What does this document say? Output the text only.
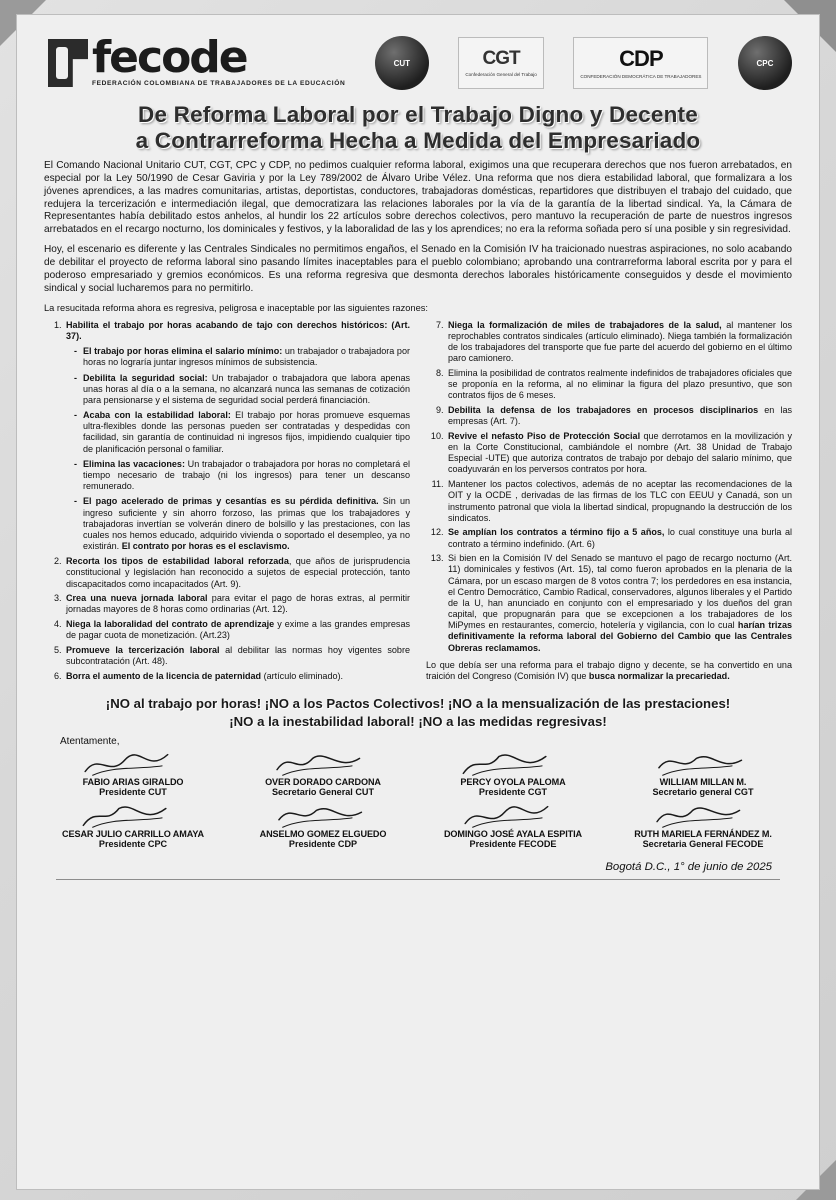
fecode
FEDERACIÓN COLOMBIANA DE TRABAJADORES DE LA EDUCACIÓN
CUT	CGT
Confederación General del Trabajo
CDP
CONFEDERACIÓN DEMOCRÁTICA DE TRABAJADORES
CPC
De Reforma Laboral por el Trabajo Digno y Decente
a Contrarreforma Hecha a Medida del Empresariado

El Comando Nacional Unitario CUT, CGT, CPC y CDP, no pedimos cualquier reforma laboral, exigimos una que recuperara derechos que nos fueron arrebatados, en especial por la Ley 50/1990 de Cesar Gaviria y por la Ley 789/2002 de Álvaro Uribe Vélez. Una reforma que nos diera estabilidad laboral, que formalizara a los jóvenes aprendices, a las madres comunitarias, artistas, deportistas, conductores, trabajadoras domésticas, repartidores que distribuyen el trabajo del cuidado, que redujera la tercerización e intermediación ilegal, que democratizara las relaciones laborales por la vía de la garantía de la libertad sindical. Ya, la Cámara de Representantes había debilitado estos anhelos, al hundir los 22 artículos sobre derechos colectivos, pero mantuvo la recuperación de parte de nuestros ingresos arrebatados en el recargo nocturno, los dominicales y festivos, y la laboralidad de las y los aprendices; no era la reforma soñada pero sí una posible y sin regresividad.

Hoy, el escenario es diferente y las Centrales Sindicales no permitimos engaños, el Senado en la Comisión IV ha traicionado nuestras aspiraciones, no solo acabando de debilitar el proyecto de reforma laboral sino pasando límites inaceptables para el pueblo colombiano; aprobando una contrarreforma laboral escrita por y para el poderoso empresariado y gremios económicos. Es una reforma regresiva que desmonta derechos laborales históricamente conseguidos y desde el movimiento sindical y social lucharemos para no permitirlo.

La resucitada reforma ahora es regresiva, peligrosa e inaceptable por las siguientes razones:
1. Habilita el trabajo por horas acabando de tajo con derechos históricos: (Art. 37).
- El trabajo por horas elimina el salario mínimo: un trabajador o trabajadora por horas no lograría juntar ingresos mínimos de subsistencia.
- Debilita la seguridad social: Un trabajador o trabajadora que labora apenas unas horas al día o a la semana, no alcanzará nunca las semanas de cotización para pensionarse y el sistema de seguridad social perderá financiación.
- Acaba con la estabilidad laboral: El trabajo por horas promueve esquemas ultra-flexibles donde las personas pueden ser contratadas y despedidas con facilidad, sin garantía de continuidad ni ingresos fijos, impidiendo cualquier tipo de planificación personal o familiar.
- Elimina las vacaciones: Un trabajador o trabajadora por horas no completará el tiempo necesario de trabajo (ni los ingresos) para tener un descanso remunerado.
- El pago acelerado de primas y cesantías es su pérdida definitiva. Sin un ingreso suficiente y sin ahorro forzoso, las primas que los trabajadores y trabajadoras invertían se volverán dinero de bolsillo y las prestaciones, con las cuales nos hemos educado, adquirido vivienda o soportado el desempleo, ya no existirán. El contrato por horas es el esclavismo.
2. Recorta los tipos de estabilidad laboral reforzada, que años de jurisprudencia constitucional y legislación han reconocido a sujetos de especial protección, tanto discapacitados como incapacitados (Art. 9).
3. Crea una nueva jornada laboral para evitar el pago de horas extras, al permitir jornadas mayores de 8 horas como ordinarias (Art. 12).
4. Niega la laboralidad del contrato de aprendizaje y exime a las grandes empresas de pagar cuota de monetización. (Art.23)
5. Promueve la tercerización laboral al debilitar las normas hoy vigentes sobre subcontratación (Art. 48).
6. Borra el aumento de la licencia de paternidad (artículo eliminado).
7. Niega la formalización de miles de trabajadores de la salud, al mantener los reprochables contratos sindicales (artículo eliminado). Niega también la formalización de los trabajadores del transporte que fue parte del acuerdo del gobierno en el último paro camionero.
8. Elimina la posibilidad de contratos realmente indefinidos de trabajadores oficiales que se proponía en la reforma, al no eliminar la figura del plazo presuntivo, que son contratos fijos de 6 meses.
9. Debilita la defensa de los trabajadores en procesos disciplinarios en las empresas (Art. 7).
10. Revive el nefasto Piso de Protección Social que derrotamos en la movilización y en la Corte Constitucional, cambiándole el nombre (Art. 38 Unidad de Trabajo Especial -UTE) que autoriza contratos de trabajo por debajo del salario mínimo, que coadyuvarán en los perversos contratos por hora.
11. Mantener los pactos colectivos, además de no aceptar las recomendaciones de la OIT y la OCDE , derivadas de las firmas de los TLC con EEUU y Canadá, son un instrumento patronal que viola la libertad sindical, propugnando la destrucción de los sindicatos.
12. Se amplían los contratos a término fijo a 5 años, lo cual constituye una burla al contrato a término indefinido. (Art. 6)
13. Si bien en la Comisión IV del Senado se mantuvo el pago de recargo nocturno (Art. 11) dominicales y festivos (Art. 15), tal como fueron aprobados en la plenaria de la Cámara, por un escaso margen de 8 votos contra 7; los perdedores en esa instancia, el Centro Democrático, Cambio Radical, conservadores, algunos liberales y el Partido de la U, han anunciado en conjunto con el empresariado y los dueños del gran capital, que propugnarán para que se excepcionen a los trabajadores de los MiPymes en restaurantes, comercio, hotelería y vigilancia, con lo cual harían trizas definitivamente la reforma laboral del Gobierno del Cambio que las Centrales Obreras reclamamos.
Lo que debía ser una reforma para el trabajo digno y decente, se ha convertido en una traición del Congreso (Comisión IV) que busca normalizar la precariedad.
¡NO al trabajo por horas! ¡NO a los Pactos Colectivos! ¡NO a la mensualización de las prestaciones!
¡NO a la inestabilidad laboral! ¡NO a las medidas regresivas!
Atentamente,
FABIO ARIAS GIRALDO
Presidente CUT
OVER DORADO CARDONA
Secretario General CUT
PERCY OYOLA PALOMA
Presidente CGT
WILLIAM MILLAN M.
Secretario general CGT
CESAR JULIO CARRILLO AMAYA
Presidente CPC
ANSELMO GOMEZ ELGUEDO
Presidente CDP
DOMINGO JOSÉ AYALA ESPITIA
Presidente FECODE
RUTH MARIELA FERNÁNDEZ M.
Secretaria General FECODE
Bogotá D.C., 1° de junio de 2025
